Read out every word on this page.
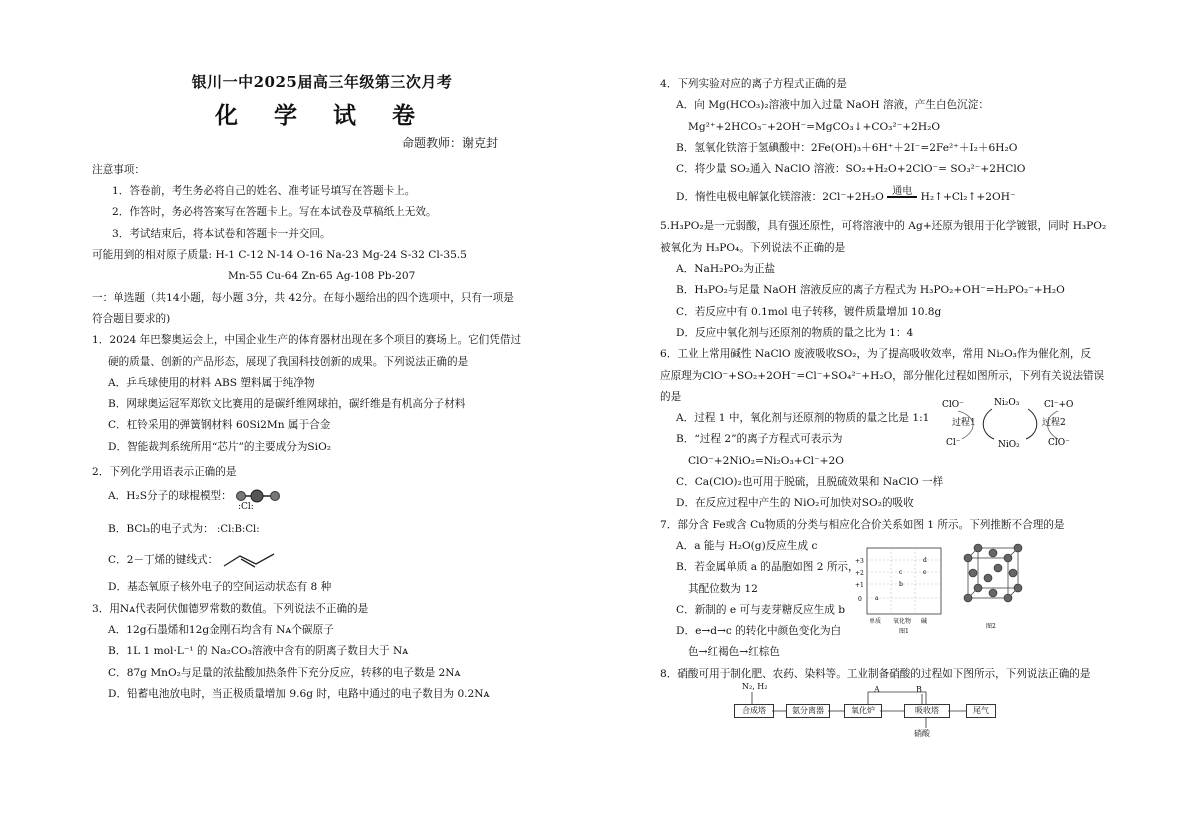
银川一中2025届高三年级第三次月考
化 学 试 卷
命题教师：谢克封
注意事项：
1．答卷前，考生务必将自己的姓名、准考证号填写在答题卡上。
2．作答时，务必将答案写在答题卡上。写在本试卷及草稿纸上无效。
3．考试结束后，将本试卷和答题卡一并交回。
可能用到的相对原子质量: H-1 C-12 N-14 O-16 Na-23 Mg-24 S-32 Cl-35.5
Mn-55 Cu-64 Zn-65 Ag-108 Pb-207
一：单选题（共14小题，每小题 3分，共 42分。在每小题给出的四个选项中，只有一项是
符合题目要求的)
1．2024 年巴黎奥运会上，中国企业生产的体育器材出现在多个项目的赛场上。它们凭借过
硬的质量、创新的产品形态，展现了我国科技创新的成果。下列说法正确的是
A．乒乓球使用的材料 ABS 塑料属于纯净物
B．网球奥运冠军郑钦文比赛用的是碳纤维网球拍，碳纤维是有机高分子材料
C．杠铃采用的弹簧钢材料 60Si2Mn 属于合金
D．智能裁判系统所用“芯片”的主要成分为SiO₂
2．下列化学用语表示正确的是
A．H₂S分子的球棍模型：
B．BCl₃的电子式为：
:Cl:
:Cl:B:Cl:
C．2－丁烯的键线式：
D．基态氧原子核外电子的空间运动状态有 8 种
3．用Nᴀ代表阿伏伽德罗常数的数值。下列说法不正确的是
A．12g石墨烯和12g金刚石均含有 Nᴀ个碳原子
B．1L 1 mol·L⁻¹ 的 Na₂CO₃溶液中含有的阴离子数目大于 Nᴀ
C．87g MnO₂与足量的浓盐酸加热条件下充分反应，转移的电子数是 2Nᴀ
D．铅蓄电池放电时，当正极质量增加 9.6g 时，电路中通过的电子数目为 0.2Nᴀ
4．下列实验对应的离子方程式正确的是
A．向 Mg(HCO₃)₂溶液中加入过量 NaOH 溶液，产生白色沉淀：
Mg²⁺+2HCO₃⁻+2OH⁻=MgCO₃↓+CO₃²⁻+2H₂O
B．氢氧化铁溶于氢碘酸中：2Fe(OH)₃＋6H⁺＋2I⁻=2Fe²⁺＋I₂＋6H₂O
C．将少量 SO₂通入 NaClO 溶液：SO₂+H₂O+2ClO⁻= SO₃²⁻+2HClO
D．惰性电极电解氯化镁溶液：2Cl⁻+2H₂O 通电 H₂↑+Cl₂↑+2OH⁻
5.H₃PO₂是一元弱酸，具有强还原性，可将溶液中的 Ag+还原为银用于化学镀银，同时 H₃PO₂
被氧化为 H₃PO₄。下列说法不正确的是
A．NaH₂PO₂为正盐
B．H₃PO₂与足量 NaOH 溶液反应的离子方程式为 H₃PO₂+OH⁻=H₂PO₂⁻+H₂O
C．若反应中有 0.1mol 电子转移，镀件质量增加 10.8g
D．反应中氧化剂与还原剂的物质的量之比为 1：4
6．工业上常用碱性 NaClO 废液吸收SO₂，为了提高吸收效率，常用 Ni₂O₃作为催化剂，反
应原理为ClO⁻+SO₂+2OH⁻=Cl⁻+SO₄²⁻+H₂O，部分催化过程如图所示，下列有关说法错误
的是
A．过程 1 中，氧化剂与还原剂的物质的量之比是 1:1
B．“过程 2”的离子方程式可表示为
ClO⁻+2NiO₂=Ni₂O₃+Cl⁻+2O
C．Ca(ClO)₂也可用于脱硫，且脱硫效果和 NaClO 一样
D．在反应过程中产生的 NiO₂可加快对SO₂的吸收
7．部分含 Fe或含 Cu物质的分类与相应化合价关系如图 1 所示。下列推断不合理的是
A．a 能与 H₂O(g)反应生成 c
B．若金属单质 a 的晶胞如图 2 所示，
其配位数为 12
C．新制的 e 可与麦芽糖反应生成 b
D．e→d→c 的转化中颜色变化为白
色→红褐色→红棕色
8．硝酸可用于制化肥、农药、染料等。工业制备硝酸的过程如下图所示，下列说法正确的是
ClO⁻	Ni₂O₃	Cl⁻+O
过程1	过程2
Cl⁻	NiO₂	ClO⁻
+3
+2
+1
0 a
b
c
d
e
单质 氧化物 碱
图1
图2
N₂, H₂
合成塔	氨分离器	氧化炉	吸收塔	尾气
A	B
硝酸
